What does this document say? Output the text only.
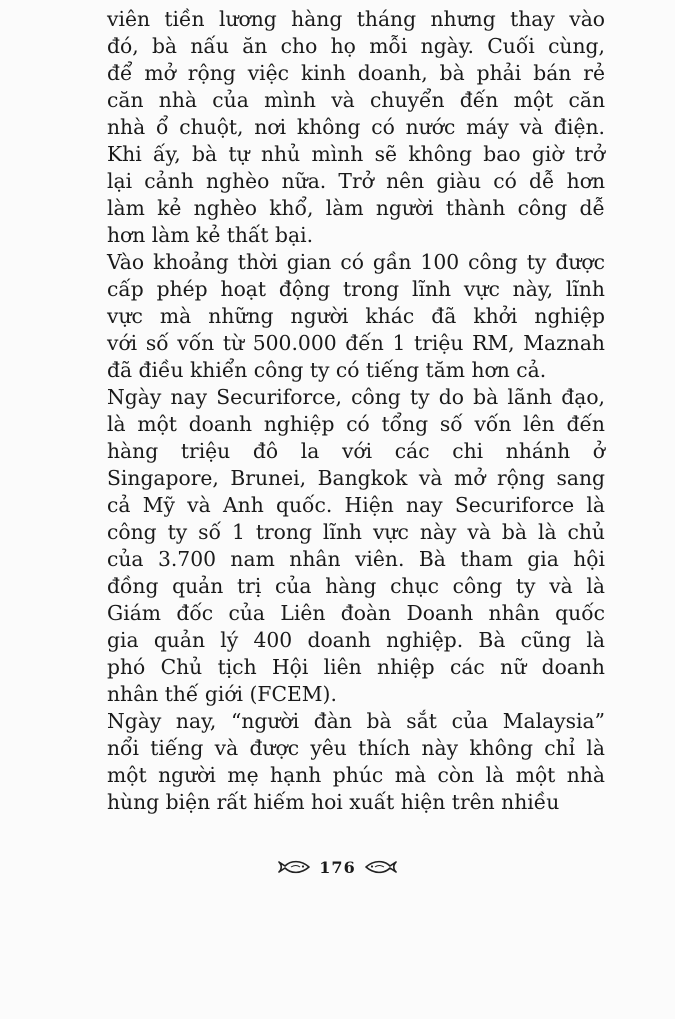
viên tiền lương hàng tháng nhưng thay vào
đó, bà nấu ăn cho họ mỗi ngày. Cuối cùng,
để mở rộng việc kinh doanh, bà phải bán rẻ
căn nhà của mình và chuyển đến một căn
nhà ổ chuột, nơi không có nước máy và điện.
Khi ấy, bà tự nhủ mình sẽ không bao giờ trở
lại cảnh nghèo nữa. Trở nên giàu có dễ hơn
làm kẻ nghèo khổ, làm người thành công dễ
hơn làm kẻ thất bại.
Vào khoảng thời gian có gần 100 công ty được
cấp phép hoạt động trong lĩnh vực này, lĩnh
vực mà những người khác đã khởi nghiệp
với số vốn từ 500.000 đến 1 triệu RM, Maznah
đã điều khiển công ty có tiếng tăm hơn cả.
Ngày nay Securiforce, công ty do bà lãnh đạo,
là một doanh nghiệp có tổng số vốn lên đến
hàng triệu đô la với các chi nhánh ở
Singapore, Brunei, Bangkok và mở rộng sang
cả Mỹ và Anh quốc. Hiện nay Securiforce là
công ty số 1 trong lĩnh vực này và bà là chủ
của 3.700 nam nhân viên. Bà tham gia hội
đồng quản trị của hàng chục công ty và là
Giám đốc của Liên đoàn Doanh nhân quốc
gia quản lý 400 doanh nghiệp. Bà cũng là
phó Chủ tịch Hội liên nhiệp các nữ doanh
nhân thế giới (FCEM).
Ngày nay, “người đàn bà sắt của Malaysia”
nổi tiếng và được yêu thích này không chỉ là
một người mẹ hạnh phúc mà còn là một nhà
hùng biện rất hiếm hoi xuất hiện trên nhiều
176
